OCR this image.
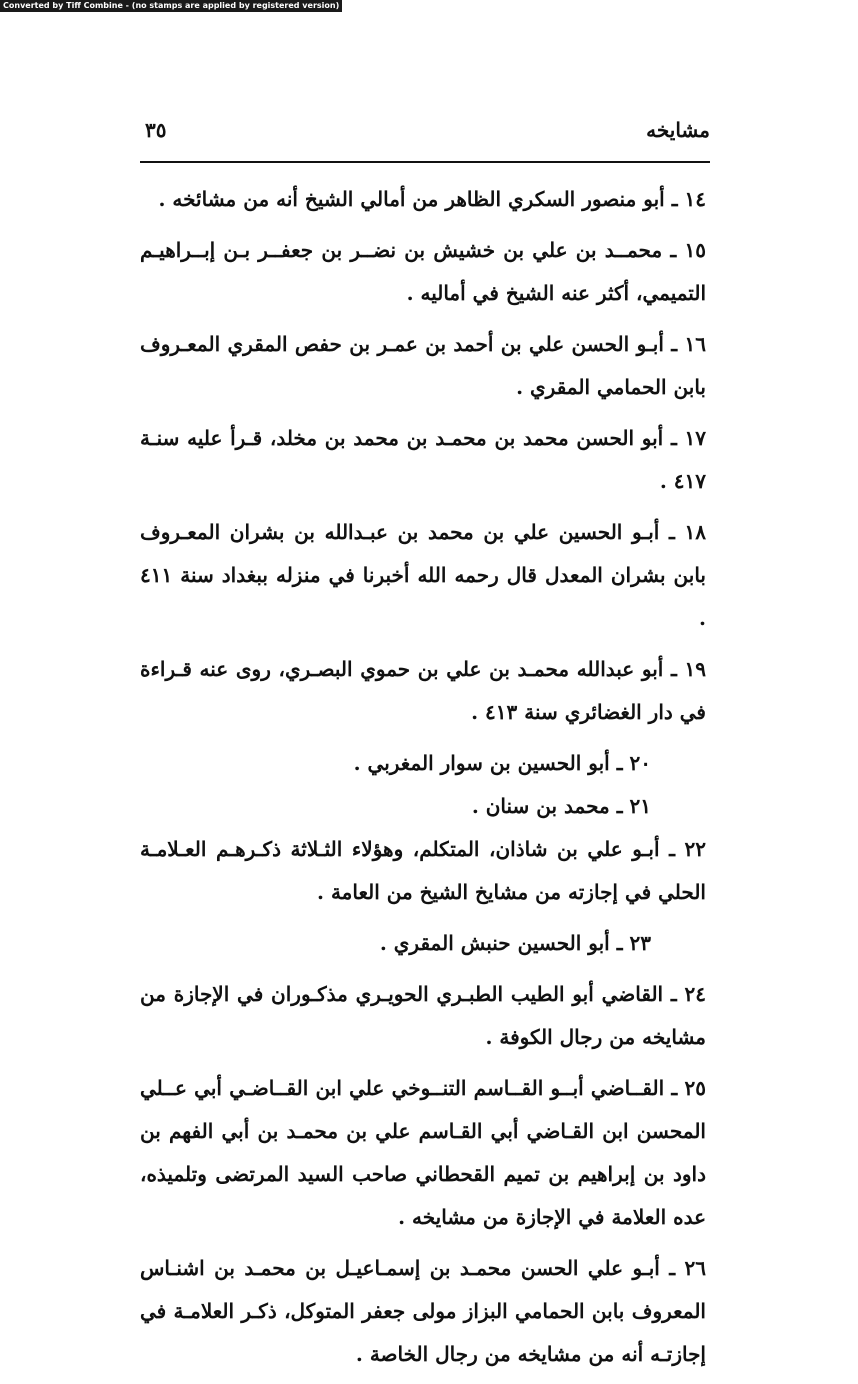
Converted by Tiff Combine - (no stamps are applied by registered version)
٣٥	مشايخه

١٤ ـ أبو منصور السكري الظاهر من أمالي الشيخ أنه من مشائخه .

١٥ ـ محمــد بن علي بن خشيش بن نضــر بن جعفــر بـن إبــراهيـم التميمي، أكثر عنه الشيخ في أماليه .

١٦ ـ أبـو الحسن علي بن أحمد بن عمـر بن حفص المقري المعـروف بابن الحمامي المقري .

١٧ ـ أبو الحسن محمد بن محمـد بن محمد بن مخلد، قـرأ عليه سنـة ٤١٧ .

١٨ ـ أبـو الحسين علي بن محمد بن عبـدالله بن بشران المعـروف بابن بشران المعدل قال رحمه الله أخبرنا في منزله ببغداد سنة ٤١١ .

١٩ ـ أبو عبدالله محمـد بن علي بن حموي البصـري، روى عنه قـراءة في دار الغضائري سنة ٤١٣ .

٢٠ ـ أبو الحسين بن سوار المغربي .

٢١ ـ محمد بن سنان .

٢٢ ـ أبـو علي بن شاذان، المتكلم، وهؤلاء الثـلاثة ذكـرهـم العـلامـة الحلي في إجازته من مشايخ الشيخ من العامة .

٢٣ ـ أبو الحسين حنبش المقري .

٢٤ ـ القاضي أبو الطيب الطبـري الحويـري مذكـوران في الإجازة من مشايخه من رجال الكوفة .

٢٥ ـ القــاضي أبــو القــاسم التنــوخي علي ابن القــاضـي أبي عــلي المحسن ابن القـاضي أبي القـاسم علي بن محمـد بن أبي الفهم بن داود بن إبراهيم بن تميم القحطاني صاحب السيد المرتضى وتلميذه، عده العلامة في الإجازة من مشايخه .

٢٦ ـ أبـو علي الحسن محمـد بن إسمـاعيـل بن محمـد بن اشنـاس المعروف بابن الحمامي البزاز مولى جعفر المتوكل، ذكـر العلامـة في إجازتـه أنه من مشايخه من رجال الخاصة .
